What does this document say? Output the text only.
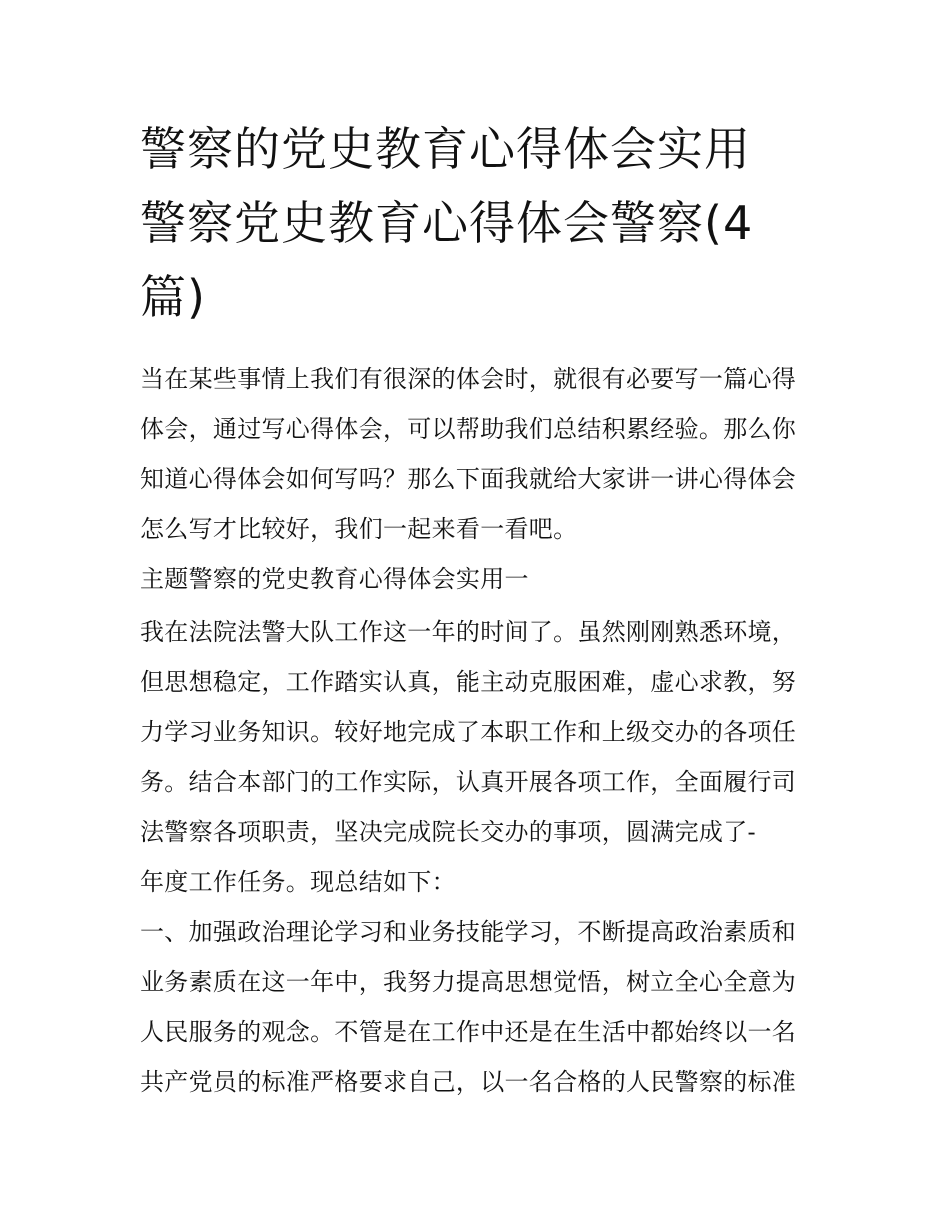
警察的党史教育心得体会实用
警察党史教育心得体会警察(4
篇)

当在某些事情上我们有很深的体会时，就很有必要写一篇心得

体会，通过写心得体会，可以帮助我们总结积累经验。那么你

知道心得体会如何写吗？那么下面我就给大家讲一讲心得体会

怎么写才比较好，我们一起来看一看吧。

主题警察的党史教育心得体会实用一

我在法院法警大队工作这一年的时间了。虽然刚刚熟悉环境，

但思想稳定，工作踏实认真，能主动克服困难，虚心求教，努

力学习业务知识。较好地完成了本职工作和上级交办的各项任

务。结合本部门的工作实际，认真开展各项工作，全面履行司

法警察各项职责，坚决完成院长交办的事项，圆满完成了-

年度工作任务。现总结如下：

一、加强政治理论学习和业务技能学习，不断提高政治素质和

业务素质在这一年中，我努力提高思想觉悟，树立全心全意为

人民服务的观念。不管是在工作中还是在生活中都始终以一名

共产党员的标准严格要求自己，以一名合格的人民警察的标准
